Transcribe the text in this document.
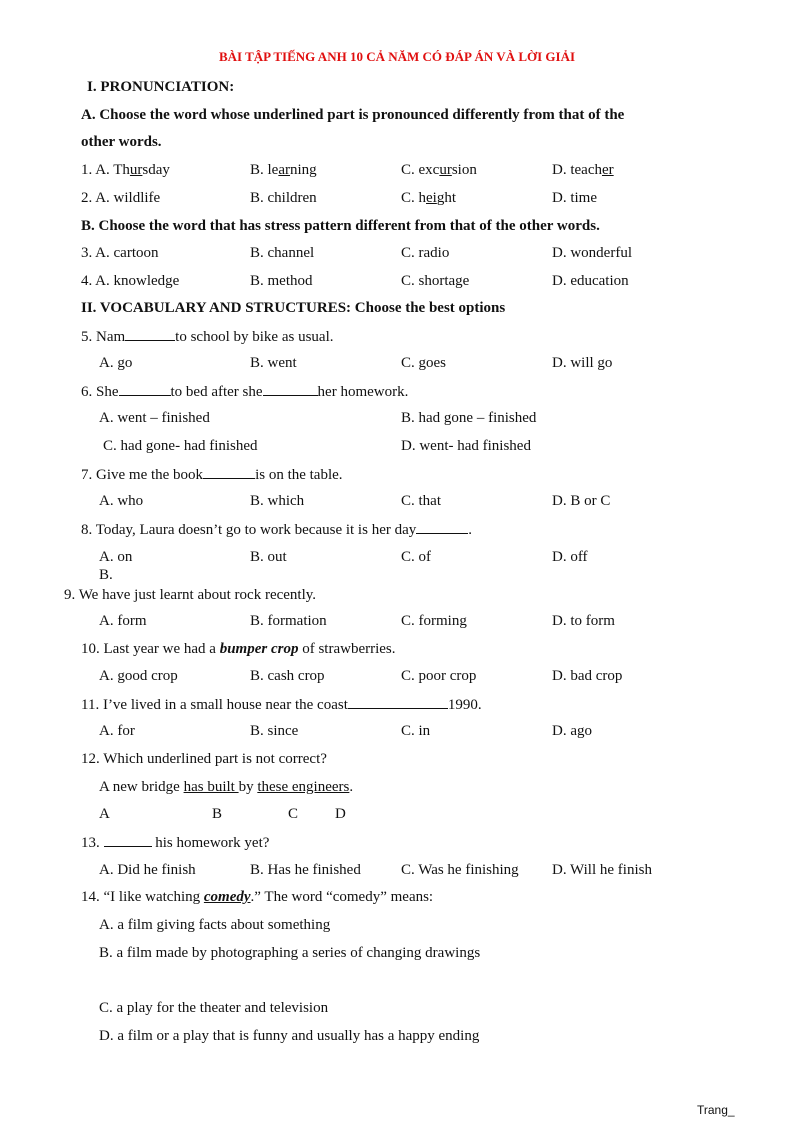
BÀI TẬP TIẾNG ANH 10 CẢ NĂM CÓ ĐÁP ÁN VÀ LỜI GIẢI
I. PRONUNCIATION:
A. Choose the word whose underlined part is pronounced differently from that of the
other words.
1. A. Thursday	B. learning	C. excursion	D. teacher
2. A. wildlife	B. children	C. height	D. time
B. Choose the word that has stress pattern different from that of the other words.
3. A. cartoon	B. channel	C. radio	D. wonderful
4. A. knowledge	B. method	C. shortage	D. education
II. VOCABULARY AND STRUCTURES: Choose the best options
5. Nam	to school by bike as usual.
A. go	B. went	C. goes	D. will go
6. She	to bed after she	her homework.
A. went – finished	B. had gone – finished
C. had gone- had finished	D. went- had finished
7. Give me the book	is on the table.
A. who	B. which	C. that	D. B or C
8. Today, Laura doesn’t go to work because it is her day	.
A. on	B. out	C. of	D. off
B.
9. We have just learnt about rock recently.
A. form	B. formation	C. forming	D. to form
10. Last year we had a bumper crop of strawberries.
A. good crop	B. cash crop	C. poor crop	D. bad crop
11. I’ve lived in a small house near the coast	1990.
A. for	B. since	C. in	D. ago
12. Which underlined part is not correct?
A new bridge has built by these engineers.
A	B	C D
13.	his homework yet?
A. Did he finish	B. Has he finished	C. Was he finishing D. Will he finish
14. “I like watching comedy.” The word “comedy” means:
A. a film giving facts about something
B. a film made by photographing a series of changing drawings
C. a play for the theater and television
D. a film or a play that is funny and usually has a happy ending
Trang_
